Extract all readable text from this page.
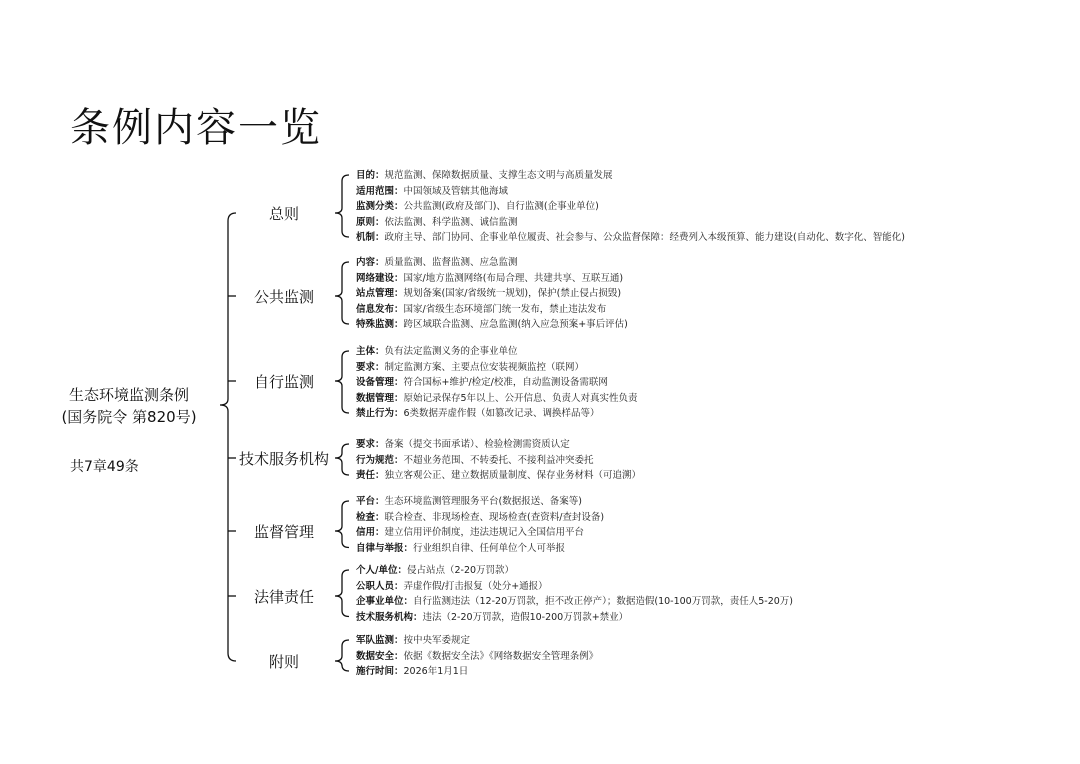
条例内容一览
生态环境监测条例
(国务院令 第820号)
共7章49条
总则
目的：规范监测、保障数据质量、支撑生态文明与高质量发展
适用范围：中国领域及管辖其他海域
监测分类：公共监测(政府及部门)、自行监测(企事业单位)
原则：依法监测、科学监测、诚信监测
机制：政府主导、部门协同、企事业单位履责、社会参与、公众监督保障：经费列入本级预算、能力建设(自动化、数字化、智能化)
公共监测
内容：质量监测、监督监测、应急监测
网络建设：国家/地方监测网络(布局合理、共建共享、互联互通)
站点管理：规划备案(国家/省级统一规划)，保护(禁止侵占损毁)
信息发布：国家/省级生态环境部门统一发布，禁止违法发布
特殊监测：跨区域联合监测、应急监测(纳入应急预案+事后评估)
自行监测
主体：负有法定监测义务的企事业单位
要求：制定监测方案、主要点位安装视频监控（联网）
设备管理：符合国标+维护/检定/校准，自动监测设备需联网
数据管理：原始记录保存5年以上、公开信息、负责人对真实性负责
禁止行为：6类数据弄虚作假（如篡改记录、调换样品等）
技术服务机构
要求：备案（提交书面承诺）、检验检测需资质认定
行为规范：不超业务范围、不转委托、不接利益冲突委托
责任：独立客观公正、建立数据质量制度、保存业务材料（可追溯）
监督管理
平台：生态环境监测管理服务平台(数据报送、备案等)
检查：联合检查、非现场检查、现场检查(查资料/查封设备)
信用：建立信用评价制度，违法违规记入全国信用平台
自律与举报：行业组织自律、任何单位个人可举报
法律责任
个人/单位：侵占站点（2-20万罚款）
公职人员：弄虚作假/打击报复（处分+通报）
企事业单位：自行监测违法（12-20万罚款，拒不改正停产）；数据造假(10-100万罚款，责任人5-20万)
技术服务机构：违法（2-20万罚款，造假10-200万罚款+禁业）
附则
军队监测：按中央军委规定
数据安全：依据《数据安全法》《网络数据安全管理条例》
施行时间：2026年1月1日
